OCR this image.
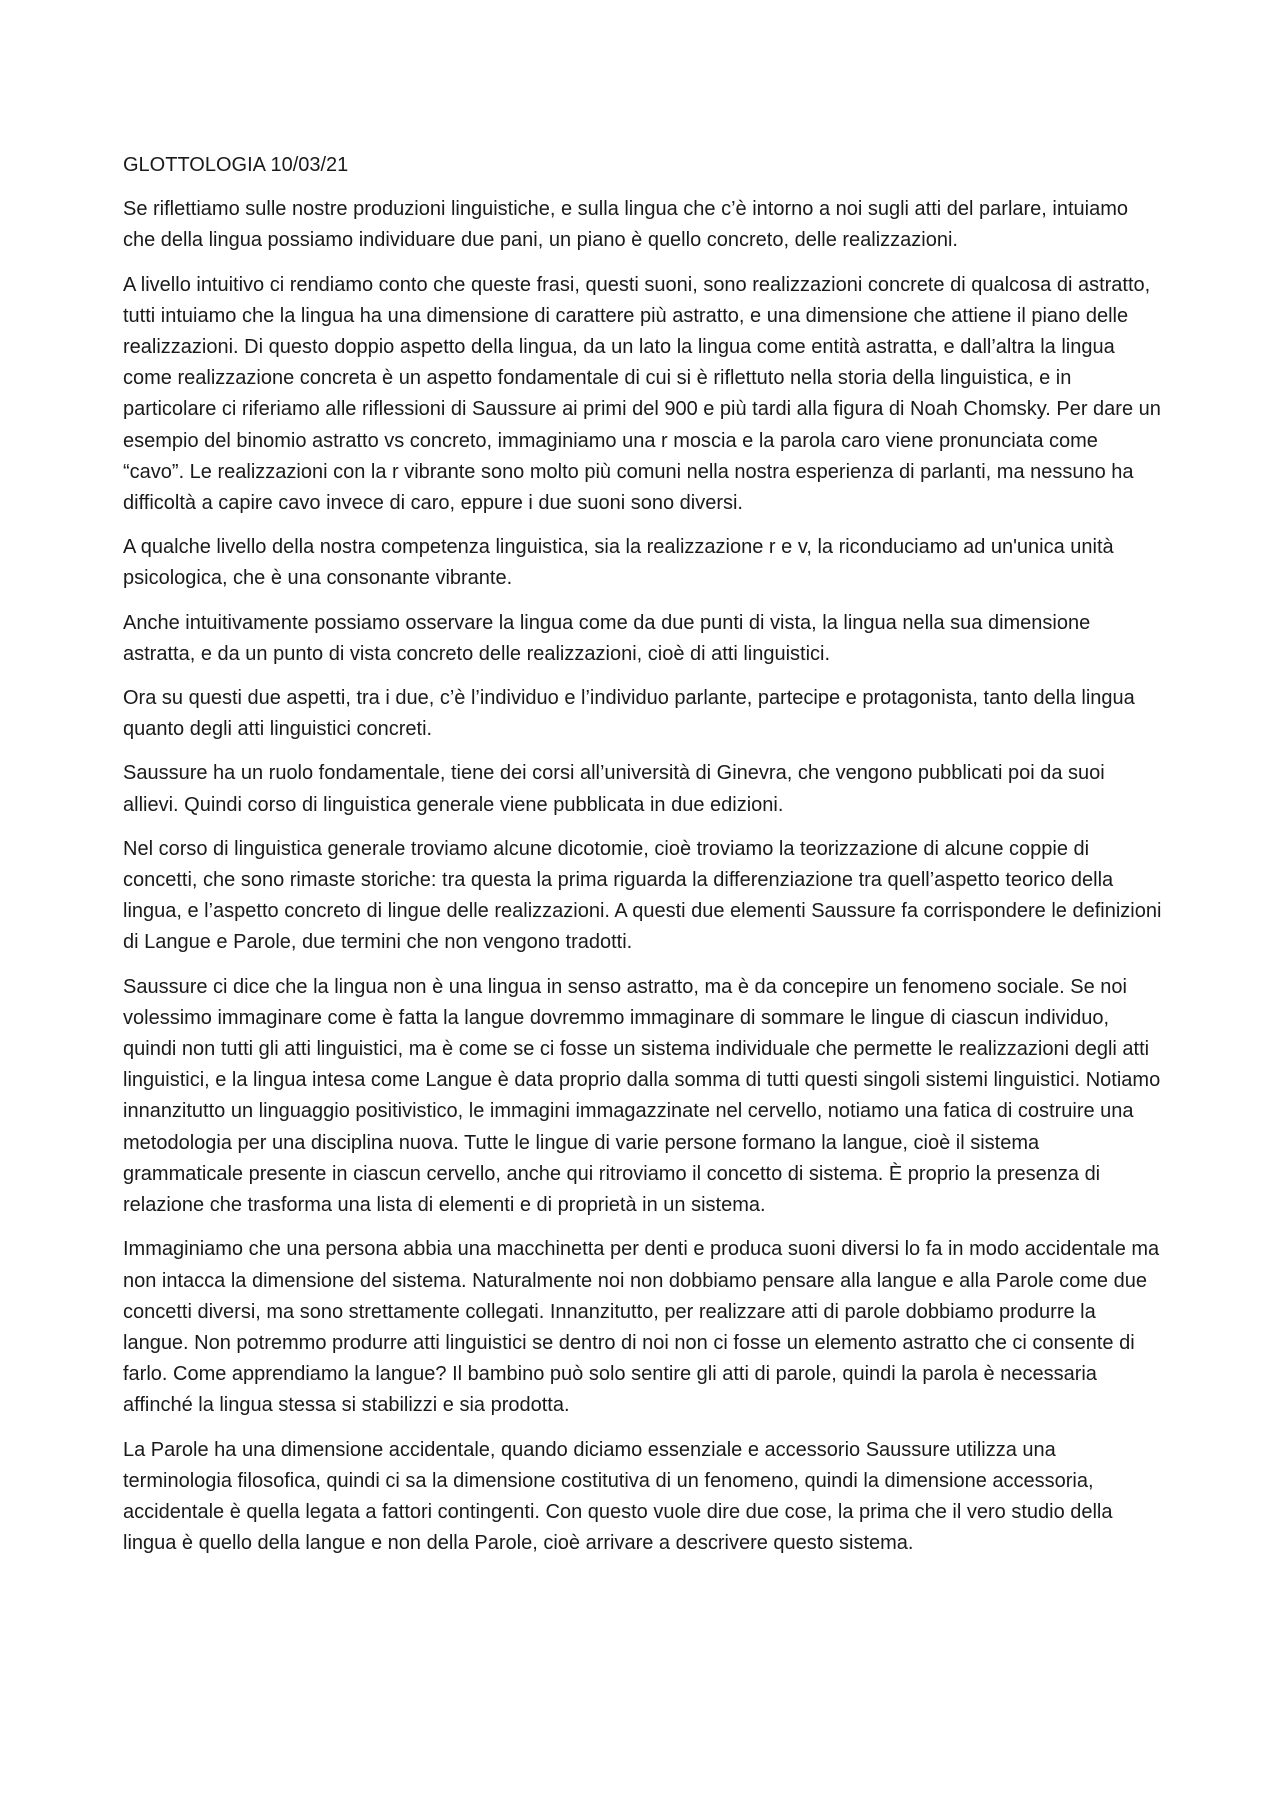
GLOTTOLOGIA 10/03/21

Se riflettiamo sulle nostre produzioni linguistiche, e sulla lingua che c’è intorno a noi sugli atti del parlare, intuiamo che della lingua possiamo individuare due pani, un piano è quello concreto, delle realizzazioni.

A livello intuitivo ci rendiamo conto che queste frasi, questi suoni, sono realizzazioni concrete di qualcosa di astratto, tutti intuiamo che la lingua ha una dimensione di carattere più astratto, e una dimensione che attiene il piano delle realizzazioni. Di questo doppio aspetto della lingua, da un lato la lingua come entità astratta, e dall’altra la lingua come realizzazione concreta è un aspetto fondamentale di cui si è riflettuto nella storia della linguistica, e in particolare ci riferiamo alle riflessioni di Saussure ai primi del 900 e più tardi alla figura di Noah Chomsky. Per dare un esempio del binomio astratto vs concreto, immaginiamo una r moscia e la parola caro viene pronunciata come “cavo”. Le realizzazioni con la r vibrante sono molto più comuni nella nostra esperienza di parlanti, ma nessuno ha difficoltà a capire cavo invece di caro, eppure i due suoni sono diversi.

A qualche livello della nostra competenza linguistica, sia la realizzazione r e v, la riconduciamo ad un'unica unità psicologica, che è una consonante vibrante.

Anche intuitivamente possiamo osservare la lingua come da due punti di vista, la lingua nella sua dimensione astratta, e da un punto di vista concreto delle realizzazioni, cioè di atti linguistici.

Ora su questi due aspetti, tra i due, c’è l’individuo e l’individuo parlante, partecipe e protagonista, tanto della lingua quanto degli atti linguistici concreti.

Saussure ha un ruolo fondamentale, tiene dei corsi all’università di Ginevra, che vengono pubblicati poi da suoi allievi. Quindi corso di linguistica generale viene pubblicata in due edizioni.

Nel corso di linguistica generale troviamo alcune dicotomie, cioè troviamo la teorizzazione di alcune coppie di concetti, che sono rimaste storiche: tra questa la prima riguarda la differenziazione tra quell’aspetto teorico della lingua, e l’aspetto concreto di lingue delle realizzazioni. A questi due elementi Saussure fa corrispondere le definizioni di Langue e Parole, due termini che non vengono tradotti.

Saussure ci dice che la lingua non è una lingua in senso astratto, ma è da concepire un fenomeno sociale. Se noi volessimo immaginare come è fatta la langue dovremmo immaginare di sommare le lingue di ciascun individuo, quindi non tutti gli atti linguistici, ma è come se ci fosse un sistema individuale che permette le realizzazioni degli atti linguistici, e la lingua intesa come Langue è data proprio dalla somma di tutti questi singoli sistemi linguistici. Notiamo innanzitutto un linguaggio positivistico, le immagini immagazzinate nel cervello, notiamo una fatica di costruire una metodologia per una disciplina nuova. Tutte le lingue di varie persone formano la langue, cioè il sistema grammaticale presente in ciascun cervello, anche qui ritroviamo il concetto di sistema. È proprio la presenza di relazione che trasforma una lista di elementi e di proprietà in un sistema.

Immaginiamo che una persona abbia una macchinetta per denti e produca suoni diversi lo fa in modo accidentale ma non intacca la dimensione del sistema. Naturalmente noi non dobbiamo pensare alla langue e alla Parole come due concetti diversi, ma sono strettamente collegati. Innanzitutto, per realizzare atti di parole dobbiamo produrre la langue. Non potremmo produrre atti linguistici se dentro di noi non ci fosse un elemento astratto che ci consente di farlo. Come apprendiamo la langue? Il bambino può solo sentire gli atti di parole, quindi la parola è necessaria affinché la lingua stessa si stabilizzi e sia prodotta.

La Parole ha una dimensione accidentale, quando diciamo essenziale e accessorio Saussure utilizza una terminologia filosofica, quindi ci sa la dimensione costitutiva di un fenomeno, quindi la dimensione accessoria, accidentale è quella legata a fattori contingenti. Con questo vuole dire due cose, la prima che il vero studio della lingua è quello della langue e non della Parole, cioè arrivare a descrivere questo sistema.
